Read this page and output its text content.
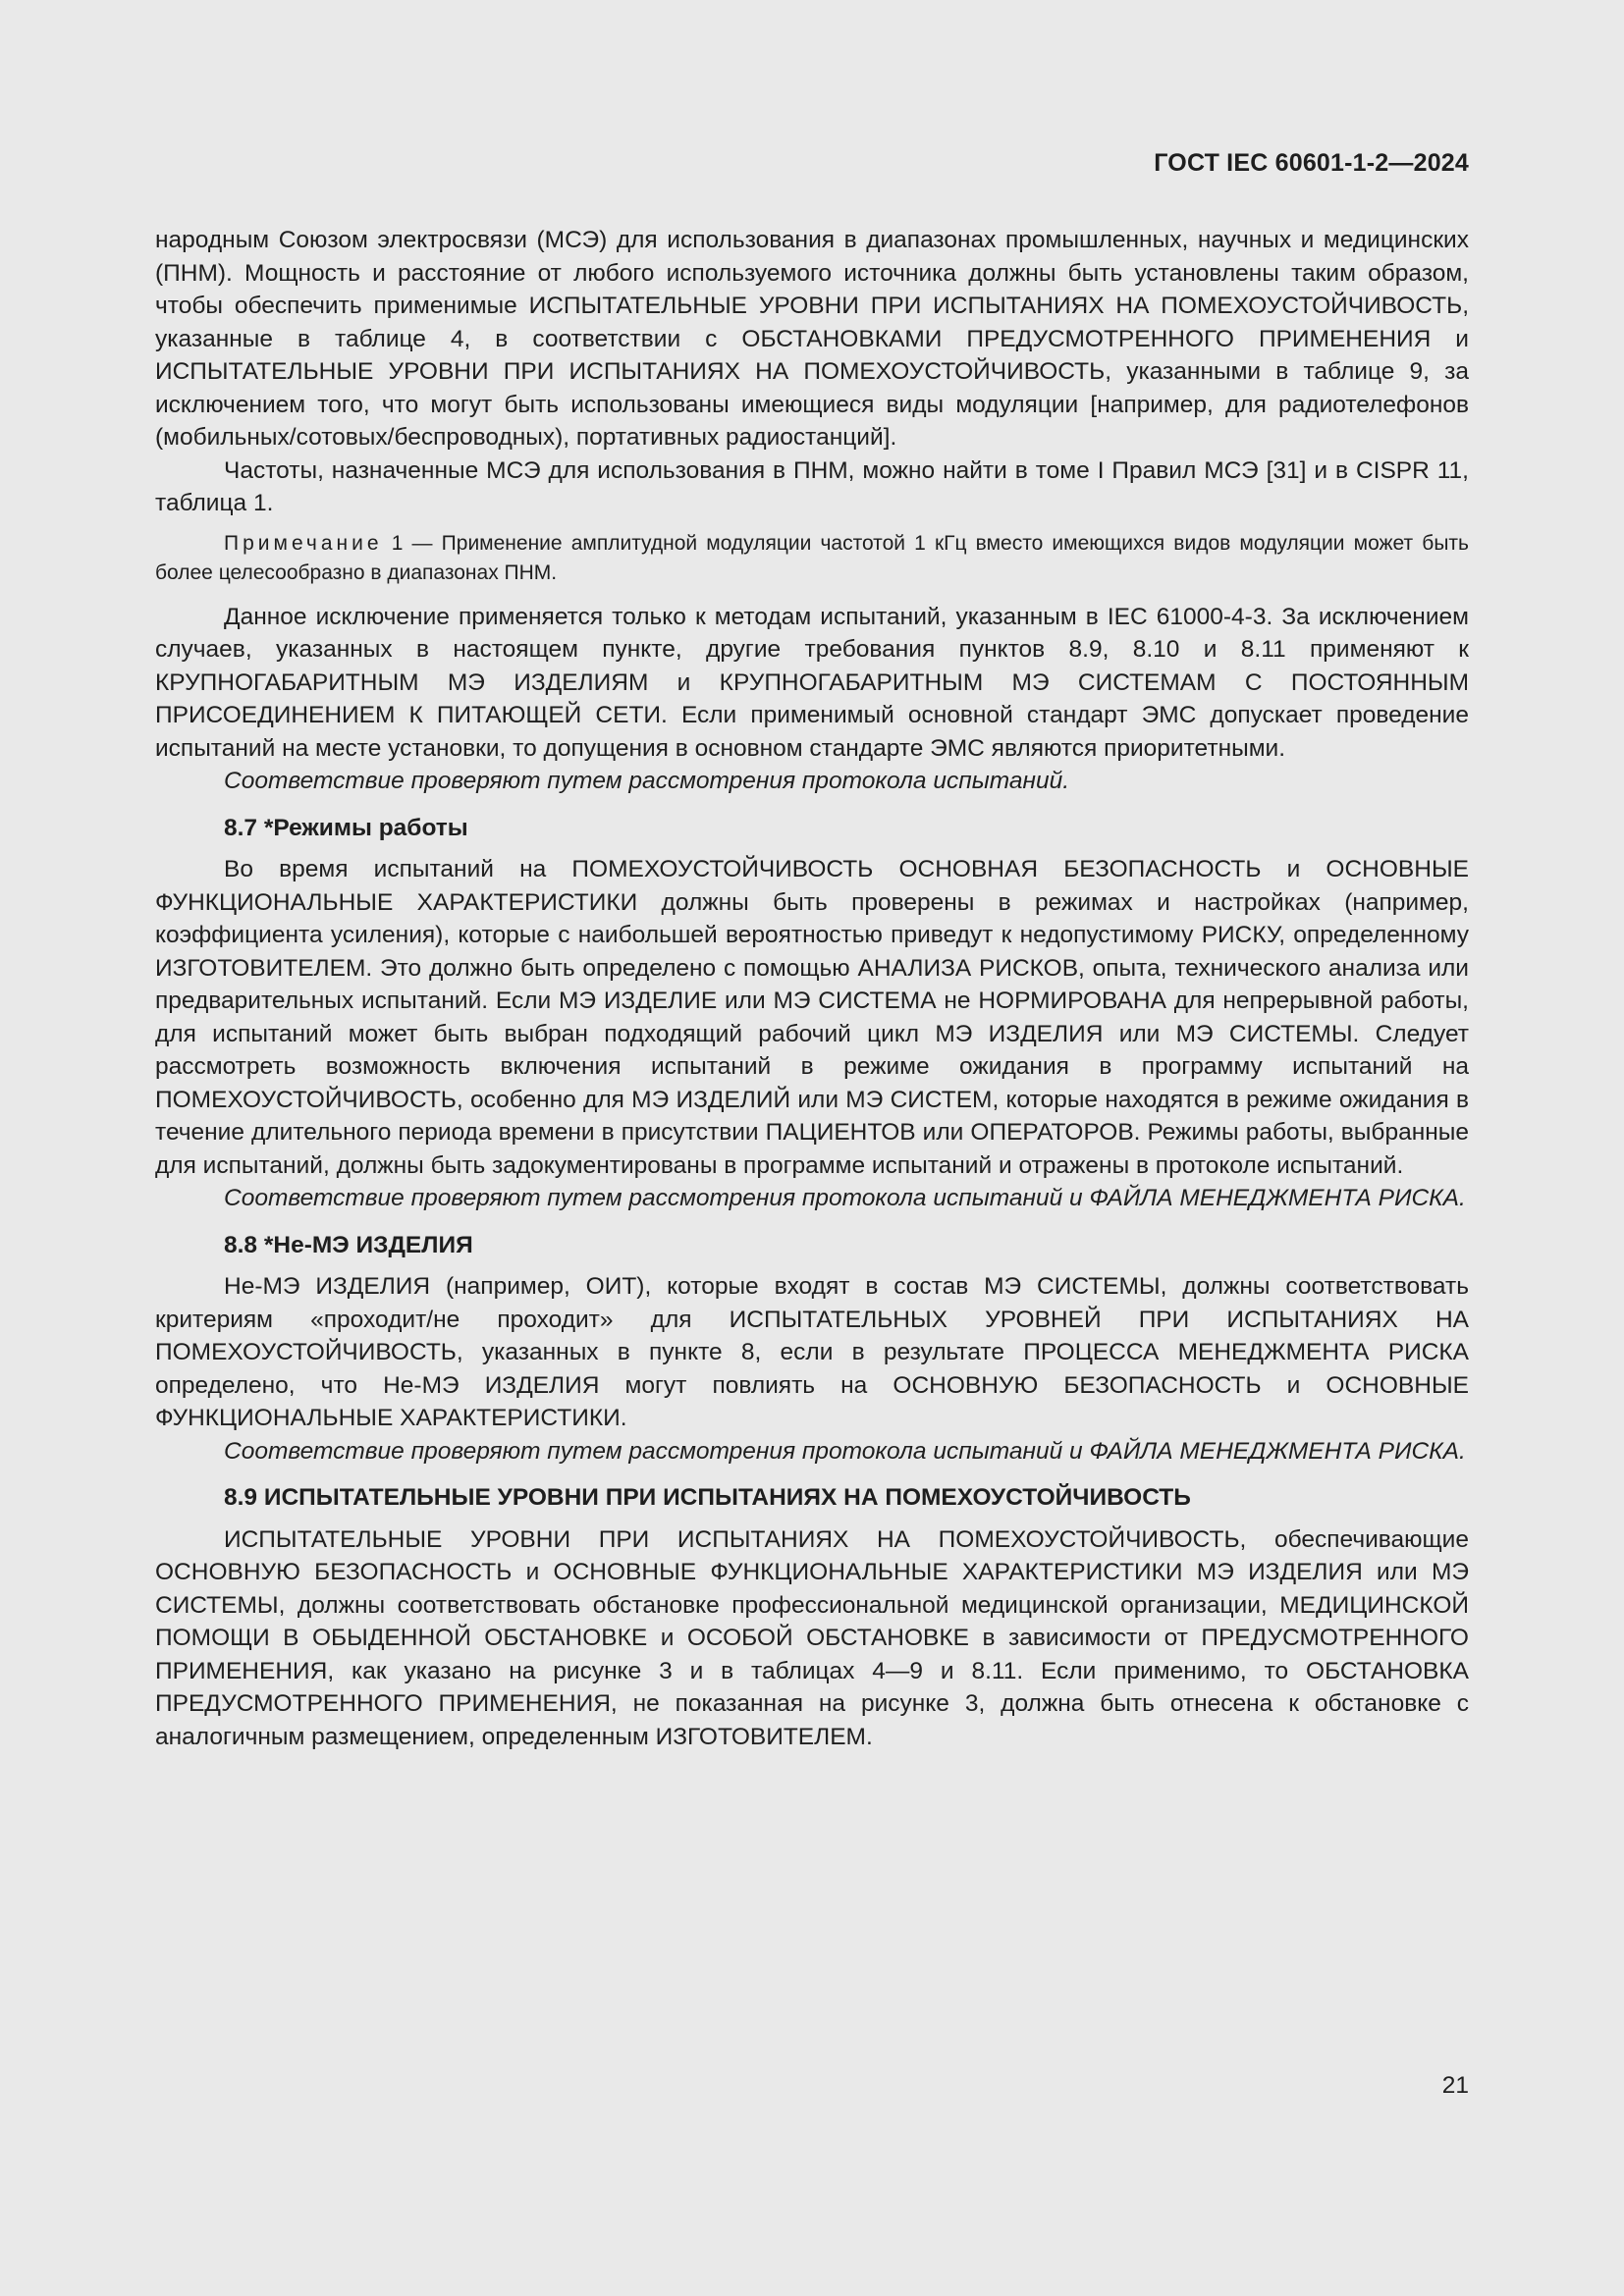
ГОСТ IEC 60601-1-2—2024

народным Союзом электросвязи (МСЭ) для использования в диапазонах промышленных, научных и медицинских (ПНМ). Мощность и расстояние от любого используемого источника должны быть установлены таким образом, чтобы обеспечить применимые ИСПЫТАТЕЛЬНЫЕ УРОВНИ ПРИ ИСПЫТАНИЯХ НА ПОМЕХОУСТОЙЧИВОСТЬ, указанные в таблице 4, в соответствии с ОБСТАНОВКАМИ ПРЕДУСМОТРЕННОГО ПРИМЕНЕНИЯ и ИСПЫТАТЕЛЬНЫЕ УРОВНИ ПРИ ИСПЫТАНИЯХ НА ПОМЕХОУСТОЙЧИВОСТЬ, указанными в таблице 9, за исключением того, что могут быть использованы имеющиеся виды модуляции [например, для радиотелефонов (мобильных/сотовых/беспроводных), портативных радиостанций].

Частоты, назначенные МСЭ для использования в ПНМ, можно найти в томе I Правил МСЭ [31] и в CISPR 11, таблица 1.

Примечание 1 — Применение амплитудной модуляции частотой 1 кГц вместо имеющихся видов модуляции может быть более целесообразно в диапазонах ПНМ.

Данное исключение применяется только к методам испытаний, указанным в IEC 61000-4-3. За исключением случаев, указанных в настоящем пункте, другие требования пунктов 8.9, 8.10 и 8.11 применяют к КРУПНОГАБАРИТНЫМ МЭ ИЗДЕЛИЯМ и КРУПНОГАБАРИТНЫМ МЭ СИСТЕМАМ С ПОСТОЯННЫМ ПРИСОЕДИНЕНИЕМ К ПИТАЮЩЕЙ СЕТИ. Если применимый основной стандарт ЭМС допускает проведение испытаний на месте установки, то допущения в основном стандарте ЭМС являются приоритетными.

Соответствие проверяют путем рассмотрения протокола испытаний.

8.7 *Режимы работы

Во время испытаний на ПОМЕХОУСТОЙЧИВОСТЬ ОСНОВНАЯ БЕЗОПАСНОСТЬ и ОСНОВНЫЕ ФУНКЦИОНАЛЬНЫЕ ХАРАКТЕРИСТИКИ должны быть проверены в режимах и настройках (например, коэффициента усиления), которые с наибольшей вероятностью приведут к недопустимому РИСКУ, определенному ИЗГОТОВИТЕЛЕМ. Это должно быть определено с помощью АНАЛИЗА РИСКОВ, опыта, технического анализа или предварительных испытаний. Если МЭ ИЗДЕЛИЕ или МЭ СИСТЕМА не НОРМИРОВАНА для непрерывной работы, для испытаний может быть выбран подходящий рабочий цикл МЭ ИЗДЕЛИЯ или МЭ СИСТЕМЫ. Следует рассмотреть возможность включения испытаний в режиме ожидания в программу испытаний на ПОМЕХОУСТОЙЧИВОСТЬ, особенно для МЭ ИЗДЕЛИЙ или МЭ СИСТЕМ, которые находятся в режиме ожидания в течение длительного периода времени в присутствии ПАЦИЕНТОВ или ОПЕРАТОРОВ. Режимы работы, выбранные для испытаний, должны быть задокументированы в программе испытаний и отражены в протоколе испытаний.

Соответствие проверяют путем рассмотрения протокола испытаний и ФАЙЛА МЕНЕДЖМЕНТА РИСКА.

8.8 *Не-МЭ ИЗДЕЛИЯ

Не-МЭ ИЗДЕЛИЯ (например, ОИТ), которые входят в состав МЭ СИСТЕМЫ, должны соответствовать критериям «проходит/не проходит» для ИСПЫТАТЕЛЬНЫХ УРОВНЕЙ ПРИ ИСПЫТАНИЯХ НА ПОМЕХОУСТОЙЧИВОСТЬ, указанных в пункте 8, если в результате ПРОЦЕССА МЕНЕДЖМЕНТА РИСКА определено, что Не-МЭ ИЗДЕЛИЯ могут повлиять на ОСНОВНУЮ БЕЗОПАСНОСТЬ и ОСНОВНЫЕ ФУНКЦИОНАЛЬНЫЕ ХАРАКТЕРИСТИКИ.

Соответствие проверяют путем рассмотрения протокола испытаний и ФАЙЛА МЕНЕДЖМЕНТА РИСКА.

8.9 ИСПЫТАТЕЛЬНЫЕ УРОВНИ ПРИ ИСПЫТАНИЯХ НА ПОМЕХОУСТОЙЧИВОСТЬ

ИСПЫТАТЕЛЬНЫЕ УРОВНИ ПРИ ИСПЫТАНИЯХ НА ПОМЕХОУСТОЙЧИВОСТЬ, обеспечивающие ОСНОВНУЮ БЕЗОПАСНОСТЬ и ОСНОВНЫЕ ФУНКЦИОНАЛЬНЫЕ ХАРАКТЕРИСТИКИ МЭ ИЗДЕЛИЯ или МЭ СИСТЕМЫ, должны соответствовать обстановке профессиональной медицинской организации, МЕДИЦИНСКОЙ ПОМОЩИ В ОБЫДЕННОЙ ОБСТАНОВКЕ и ОСОБОЙ ОБСТАНОВКЕ в зависимости от ПРЕДУСМОТРЕННОГО ПРИМЕНЕНИЯ, как указано на рисунке 3 и в таблицах 4—9 и 8.11. Если применимо, то ОБСТАНОВКА ПРЕДУСМОТРЕННОГО ПРИМЕНЕНИЯ, не показанная на рисунке 3, должна быть отнесена к обстановке с аналогичным размещением, определенным ИЗГОТОВИТЕЛЕМ.

21
